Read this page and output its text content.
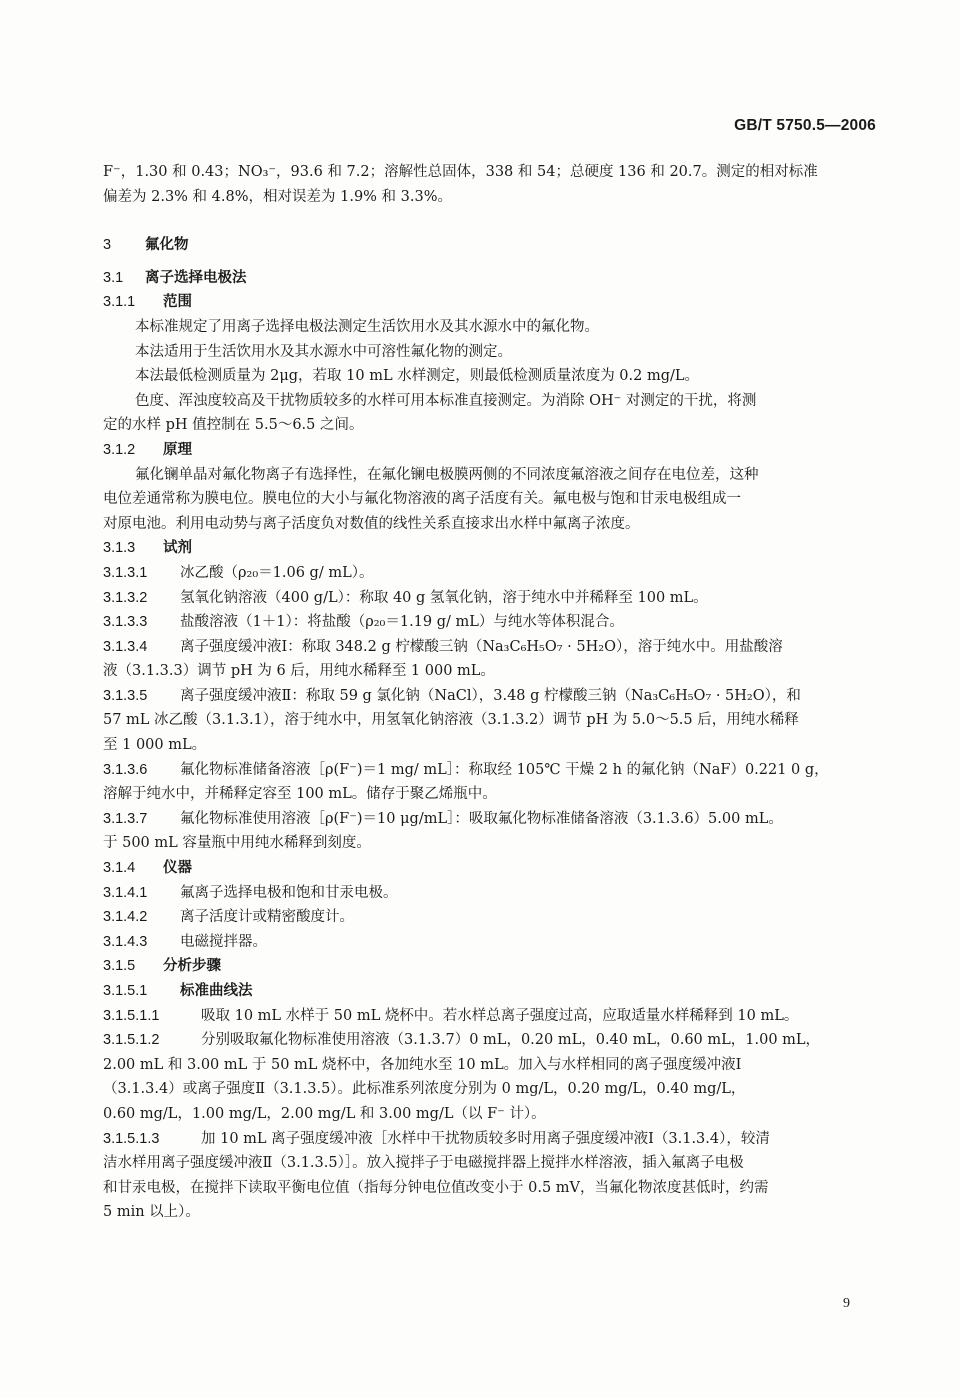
GB/T 5750.5—2006
F⁻，1.30 和 0.43；NO₃⁻，93.6 和 7.2；溶解性总固体，338 和 54；总硬度 136 和 20.7。测定的相对标准
偏差为 2.3% 和 4.8%，相对误差为 1.9% 和 3.3%。
3 氟化物
3.1 离子选择电极法
3.1.1 范围
本标准规定了用离子选择电极法测定生活饮用水及其水源水中的氟化物。
本法适用于生活饮用水及其水源水中可溶性氟化物的测定。
本法最低检测质量为 2μg，若取 10 mL 水样测定，则最低检测质量浓度为 0.2 mg/L。
色度、浑浊度较高及干扰物质较多的水样可用本标准直接测定。为消除 OH⁻ 对测定的干扰，将测
定的水样 pH 值控制在 5.5～6.5 之间。
3.1.2 原理
氟化镧单晶对氟化物离子有选择性，在氟化镧电极膜两侧的不同浓度氟溶液之间存在电位差，这种
电位差通常称为膜电位。膜电位的大小与氟化物溶液的离子活度有关。氟电极与饱和甘汞电极组成一
对原电池。利用电动势与离子活度负对数值的线性关系直接求出水样中氟离子浓度。
3.1.3 试剂
3.1.3.1 冰乙酸（ρ₂₀＝1.06 g/ mL）。
3.1.3.2 氢氧化钠溶液（400 g/L）：称取 40 g 氢氧化钠，溶于纯水中并稀释至 100 mL。
3.1.3.3 盐酸溶液（1＋1）：将盐酸（ρ₂₀＝1.19 g/ mL）与纯水等体积混合。
3.1.3.4 离子强度缓冲液Ⅰ：称取 348.2 g 柠檬酸三钠（Na₃C₆H₅O₇ · 5H₂O），溶于纯水中。用盐酸溶
液（3.1.3.3）调节 pH 为 6 后，用纯水稀释至 1 000 mL。
3.1.3.5 离子强度缓冲液Ⅱ：称取 59 g 氯化钠（NaCl），3.48 g 柠檬酸三钠（Na₃C₆H₅O₇ · 5H₂O），和
57 mL 冰乙酸（3.1.3.1），溶于纯水中，用氢氧化钠溶液（3.1.3.2）调节 pH 为 5.0～5.5 后，用纯水稀释
至 1 000 mL。
3.1.3.6 氟化物标准储备溶液［ρ(F⁻)＝1 mg/ mL］：称取经 105℃ 干燥 2 h 的氟化钠（NaF）0.221 0 g，
溶解于纯水中，并稀释定容至 100 mL。储存于聚乙烯瓶中。
3.1.3.7 氟化物标准使用溶液［ρ(F⁻)＝10 μg/mL］：吸取氟化物标准储备溶液（3.1.3.6）5.00 mL。
于 500 mL 容量瓶中用纯水稀释到刻度。
3.1.4 仪器
3.1.4.1 氟离子选择电极和饱和甘汞电极。
3.1.4.2 离子活度计或精密酸度计。
3.1.4.3 电磁搅拌器。
3.1.5 分析步骤
3.1.5.1 标准曲线法
3.1.5.1.1	吸取 10 mL 水样于 50 mL 烧杯中。若水样总离子强度过高，应取适量水样稀释到 10 mL。
3.1.5.1.2	分别吸取氟化物标准使用溶液（3.1.3.7）0 mL，0.20 mL，0.40 mL，0.60 mL，1.00 mL，
2.00 mL 和 3.00 mL 于 50 mL 烧杯中，各加纯水至 10 mL。加入与水样相同的离子强度缓冲液Ⅰ
（3.1.3.4）或离子强度Ⅱ（3.1.3.5）。此标准系列浓度分别为 0 mg/L，0.20 mg/L，0.40 mg/L，
0.60 mg/L，1.00 mg/L，2.00 mg/L 和 3.00 mg/L（以 F⁻ 计）。
3.1.5.1.3	加 10 mL 离子强度缓冲液［水样中干扰物质较多时用离子强度缓冲液Ⅰ（3.1.3.4），较清
洁水样用离子强度缓冲液Ⅱ（3.1.3.5）］。放入搅拌子于电磁搅拌器上搅拌水样溶液，插入氟离子电极
和甘汞电极，在搅拌下读取平衡电位值（指每分钟电位值改变小于 0.5 mV，当氟化物浓度甚低时，约需
5 min 以上）。
9
